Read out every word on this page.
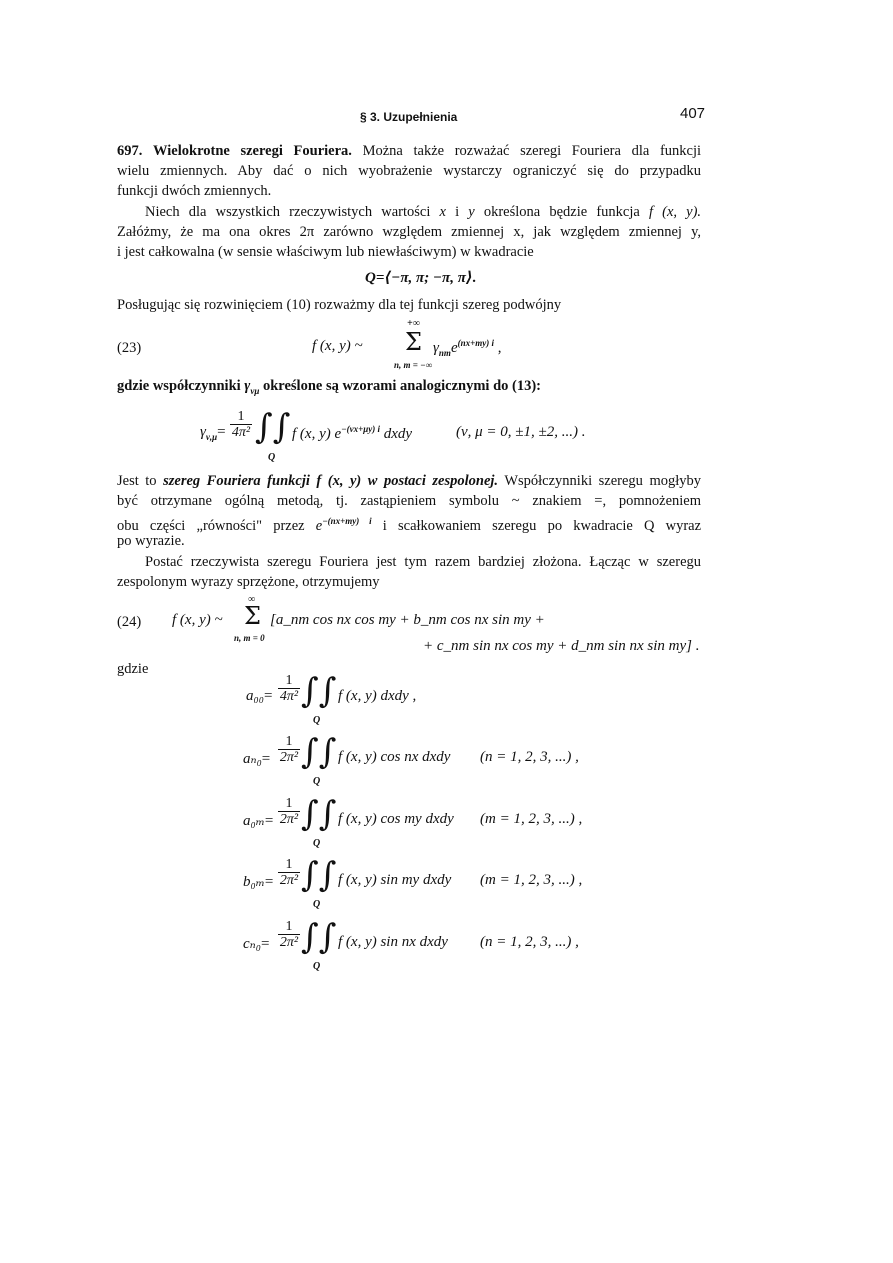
§ 3. Uzupełnienia	407
697. Wielokrotne szeregi Fouriera. Można także rozważać szeregi Fouriera dla funkcji
wielu zmiennych. Aby dać o nich wyobrażenie wystarczy ograniczyć się do przypadku
funkcji dwóch zmiennych.
Niech dla wszystkich rzeczywistych wartości x i y określona będzie funkcja f (x, y).
Załóżmy, że ma ona okres 2π zarówno względem zmiennej x, jak względem zmiennej y,
i jest całkowalna (w sensie właściwym lub niewłaściwym) w kwadracie
Q=⟨−π, π; −π, π⟩.
Posługując się rozwinięciem (10) rozważmy dla tej funkcji szereg podwójny
(23)	f (x, y) ~
+∞
Σ
n, m = −∞
$\gamma_{nm}e^{(nx+my) i}$ ,
gdzie współczynniki $\gamma_{\nu\mu}$ określone są wzorami analogicznymi do (13):
$\gamma_{\nu,\mu}=$
1
4π² ∫∫
Q
f (x, y) $e^{-(\nu x+\mu y) i}$ dxdy	(ν, μ = 0, ±1, ±2, ...) .
Jest to szereg Fouriera funkcji f (x, y) w postaci zespolonej. Współczynniki szeregu mogłyby
być otrzymane ogólną metodą, tj. zastąpieniem symbolu ~ znakiem =, pomnożeniem
obu części „równości" przez $e^{-(nx+my) i}$ i scałkowaniem szeregu po kwadracie Q wyraz
po wyrazie.
Postać rzeczywista szeregu Fouriera jest tym razem bardziej złożona. Łącząc w szeregu
zespolonym wyrazy sprzężone, otrzymujemy
(24) f (x, y) ~
∞
Σ
n, m = 0
[a_nm cos nx cos my + b_nm cos nx sin my +
+ c_nm sin nx cos my + d_nm sin nx sin my] .
gdzie
a₀₀=
1
4π² ∫∫
Q
f (x, y) dxdy ,
aₙ₀=
1
2π² ∫∫
Q
f (x, y) cos nx dxdy (n = 1, 2, 3, ...) ,
a₀ₘ=
1
2π² ∫∫
Q
f (x, y) cos my dxdy (m = 1, 2, 3, ...) ,
b₀ₘ=
1
2π² ∫∫
Q
f (x, y) sin my dxdy (m = 1, 2, 3, ...) ,
cₙ₀=
1
2π² ∫∫
Q
f (x, y) sin nx dxdy (n = 1, 2, 3, ...) ,
